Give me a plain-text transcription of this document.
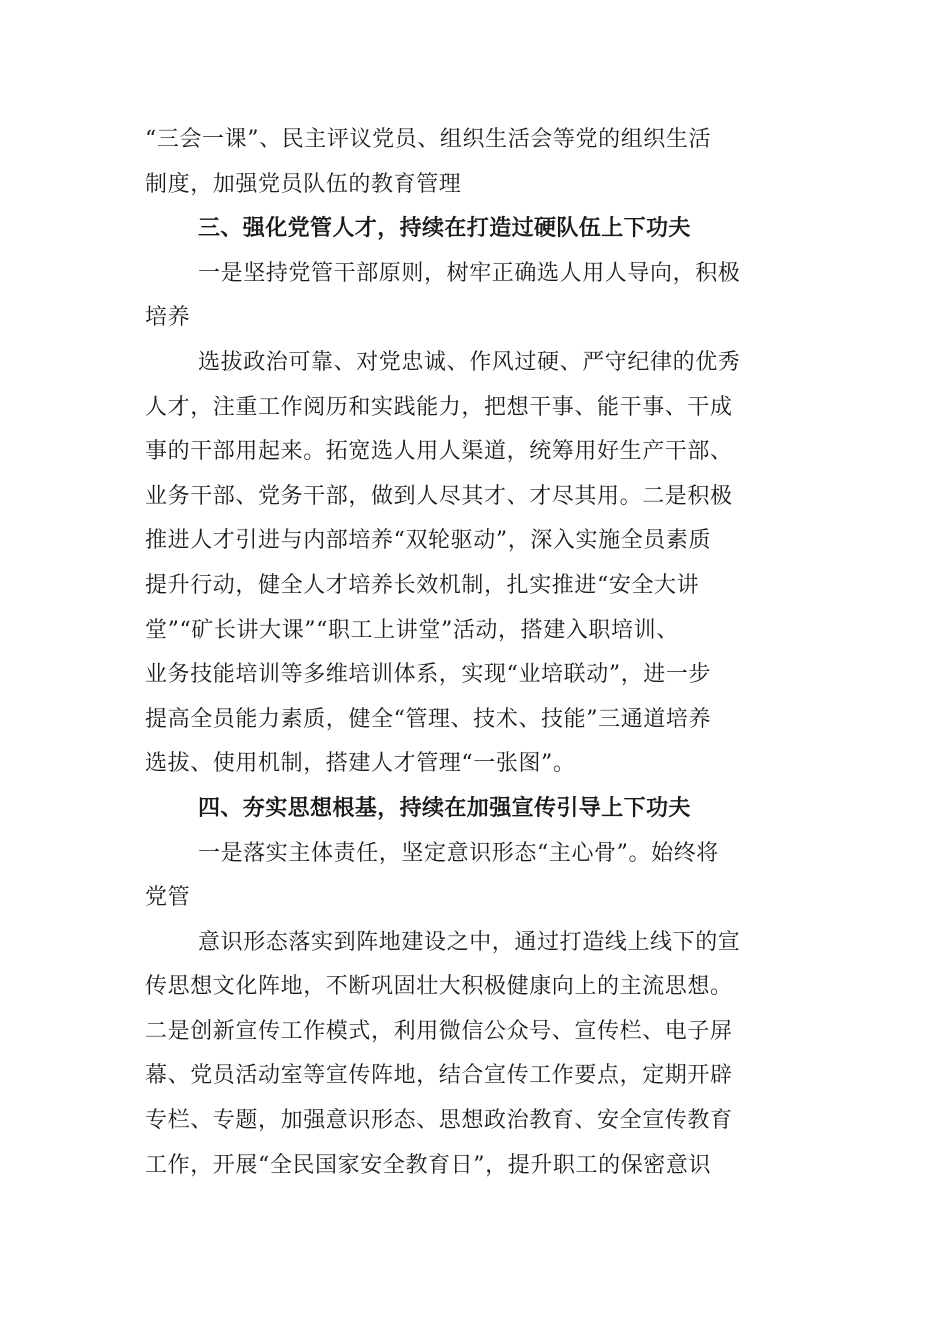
“三会一课”、民主评议党员、组织生活会等党的组织生活
制度，加强党员队伍的教育管理
三、强化党管人才，持续在打造过硬队伍上下功夫
一是坚持党管干部原则，树牢正确选人用人导向，积极
培养
选拔政治可靠、对党忠诚、作风过硬、严守纪律的优秀
人才，注重工作阅历和实践能力，把想干事、能干事、干成
事的干部用起来。拓宽选人用人渠道，统筹用好生产干部、
业务干部、党务干部，做到人尽其才、才尽其用。二是积极
推进人才引进与内部培养“双轮驱动”，深入实施全员素质
提升行动，健全人才培养长效机制，扎实推进“安全大讲
堂”“矿长讲大课”“职工上讲堂”活动，搭建入职培训、
业务技能培训等多维培训体系，实现“业培联动”，进一步
提高全员能力素质，健全“管理、技术、技能”三通道培养
选拔、使用机制，搭建人才管理“一张图”。
四、夯实思想根基，持续在加强宣传引导上下功夫
一是落实主体责任，坚定意识形态“主心骨”。始终将
党管
意识形态落实到阵地建设之中，通过打造线上线下的宣
传思想文化阵地，不断巩固壮大积极健康向上的主流思想。
二是创新宣传工作模式，利用微信公众号、宣传栏、电子屏
幕、党员活动室等宣传阵地，结合宣传工作要点，定期开辟
专栏、专题，加强意识形态、思想政治教育、安全宣传教育
工作，开展“全民国家安全教育日”，提升职工的保密意识
